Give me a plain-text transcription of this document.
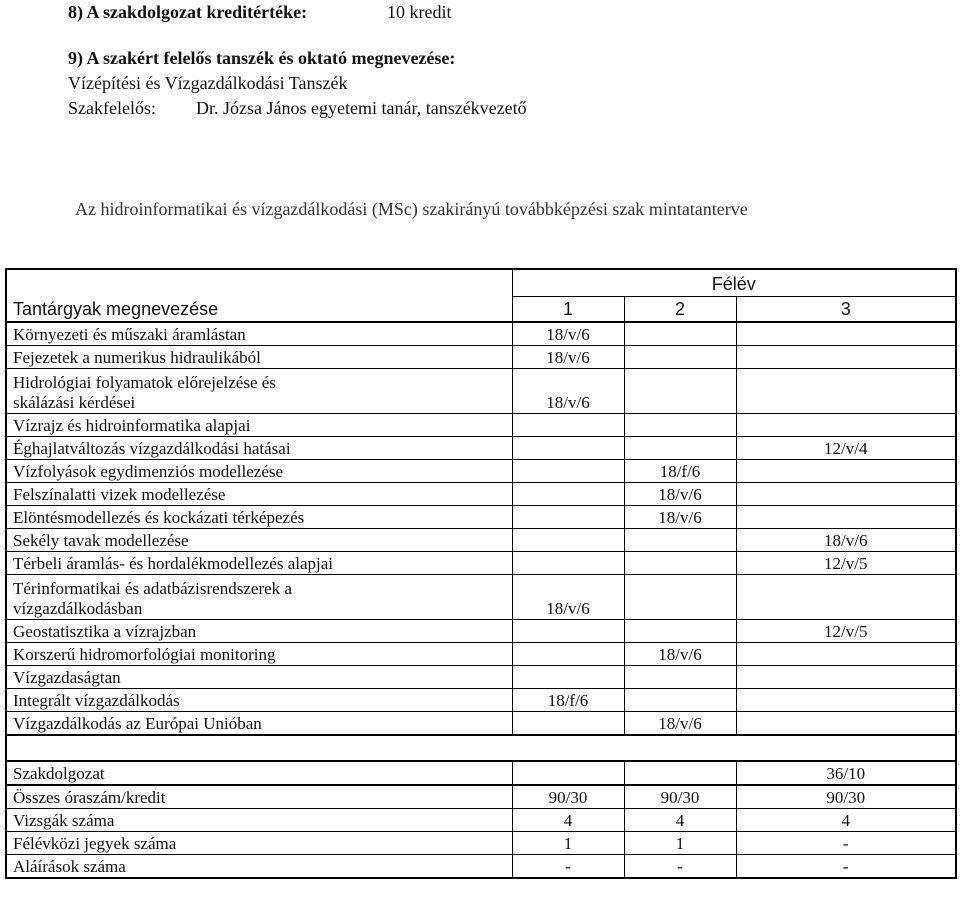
8) A szakdolgozat kreditértéke:	10 kredit
9) A szakért felelős tanszék és oktató megnevezése:
Vízépítési és Vízgazdálkodási Tanszék
Szakfelelős: Dr. Józsa János egyetemi tanár, tanszékvezető
Az hidroinformatikai és vízgazdálkodási (MSc) szakirányú továbbképzési szak mintatanterve
	Félév		
Tantárgyak megnevezése	1	2	3
Környezeti és műszaki áramlástan	18/v/6		
Fejezetek a numerikus hidraulikából	18/v/6		
Hidrológiai folyamatok előrejelzése és
skálázási kérdései	18/v/6		
Vízrajz és hidroinformatika alapjai			
Éghajlatváltozás vízgazdálkodási hatásai			12/v/4
Vízfolyások egydimenziós modellezése		18/f/6	
Felszínalatti vizek modellezése		18/v/6	
Elöntésmodellezés és kockázati térképezés		18/v/6	
Sekély tavak modellezése			18/v/6
Térbeli áramlás- és hordalékmodellezés alapjai			12/v/5
Térinformatikai és adatbázisrendszerek a
vízgazdálkodásban	18/v/6		
Geostatisztika a vízrajzban			12/v/5
Korszerű hidromorfológiai monitoring		18/v/6	
Vízgazdaságtan			
Integrált vízgazdálkodás	18/f/6		
Vízgazdálkodás az Európai Unióban		18/v/6	

Szakdolgozat			36/10
Összes óraszám/kredit	90/30	90/30	90/30
Vizsgák száma	4	4	4
Félévközi jegyek száma	1	1	-
Aláírások száma	-	-	-
